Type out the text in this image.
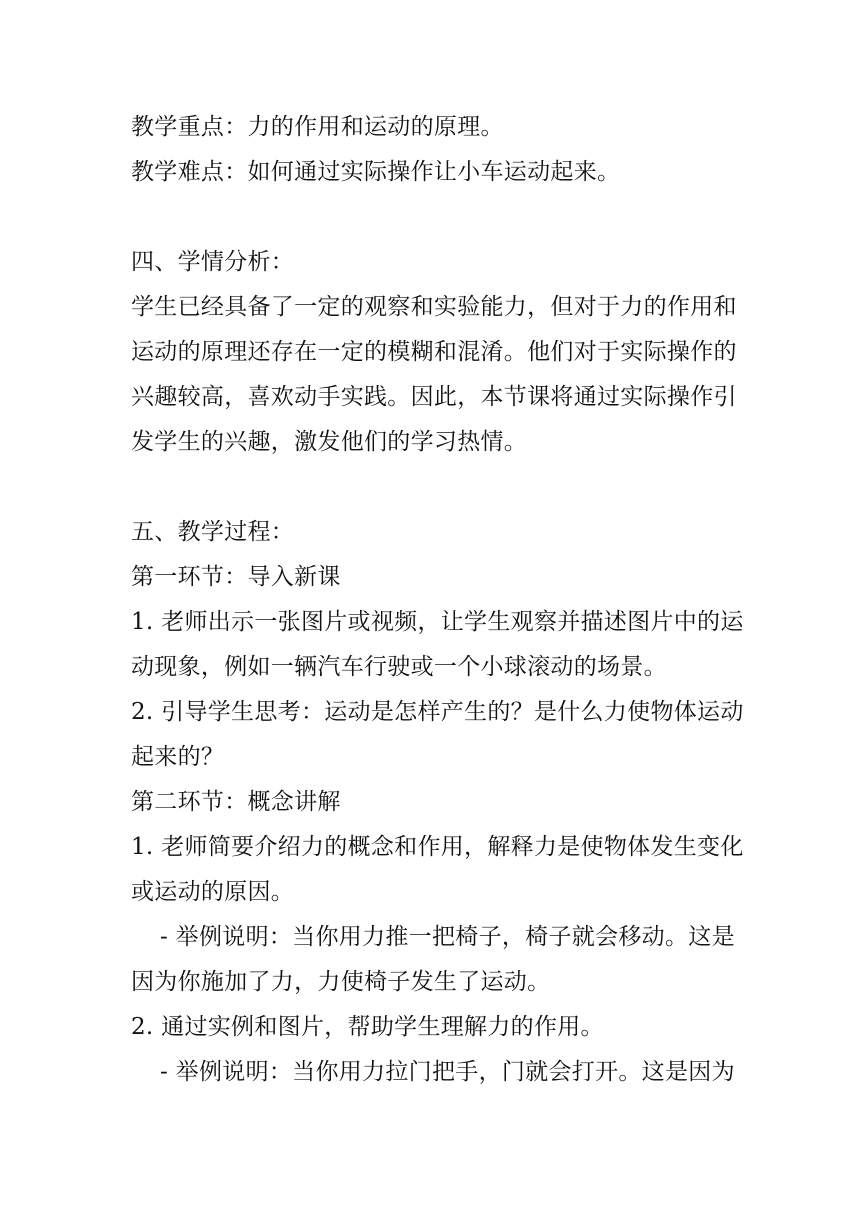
教学重点：力的作用和运动的原理。
教学难点：如何通过实际操作让小车运动起来。
四、学情分析：
学生已经具备了一定的观察和实验能力，但对于力的作用和
运动的原理还存在一定的模糊和混淆。他们对于实际操作的
兴趣较高，喜欢动手实践。因此，本节课将通过实际操作引
发学生的兴趣，激发他们的学习热情。
五、教学过程：
第一环节：导入新课
1. 老师出示一张图片或视频，让学生观察并描述图片中的运
动现象，例如一辆汽车行驶或一个小球滚动的场景。
2. 引导学生思考：运动是怎样产生的？是什么力使物体运动
起来的？
第二环节：概念讲解
1. 老师简要介绍力的概念和作用，解释力是使物体发生变化
或运动的原因。
- 举例说明：当你用力推一把椅子，椅子就会移动。这是
因为你施加了力，力使椅子发生了运动。
2. 通过实例和图片，帮助学生理解力的作用。
- 举例说明：当你用力拉门把手，门就会打开。这是因为
